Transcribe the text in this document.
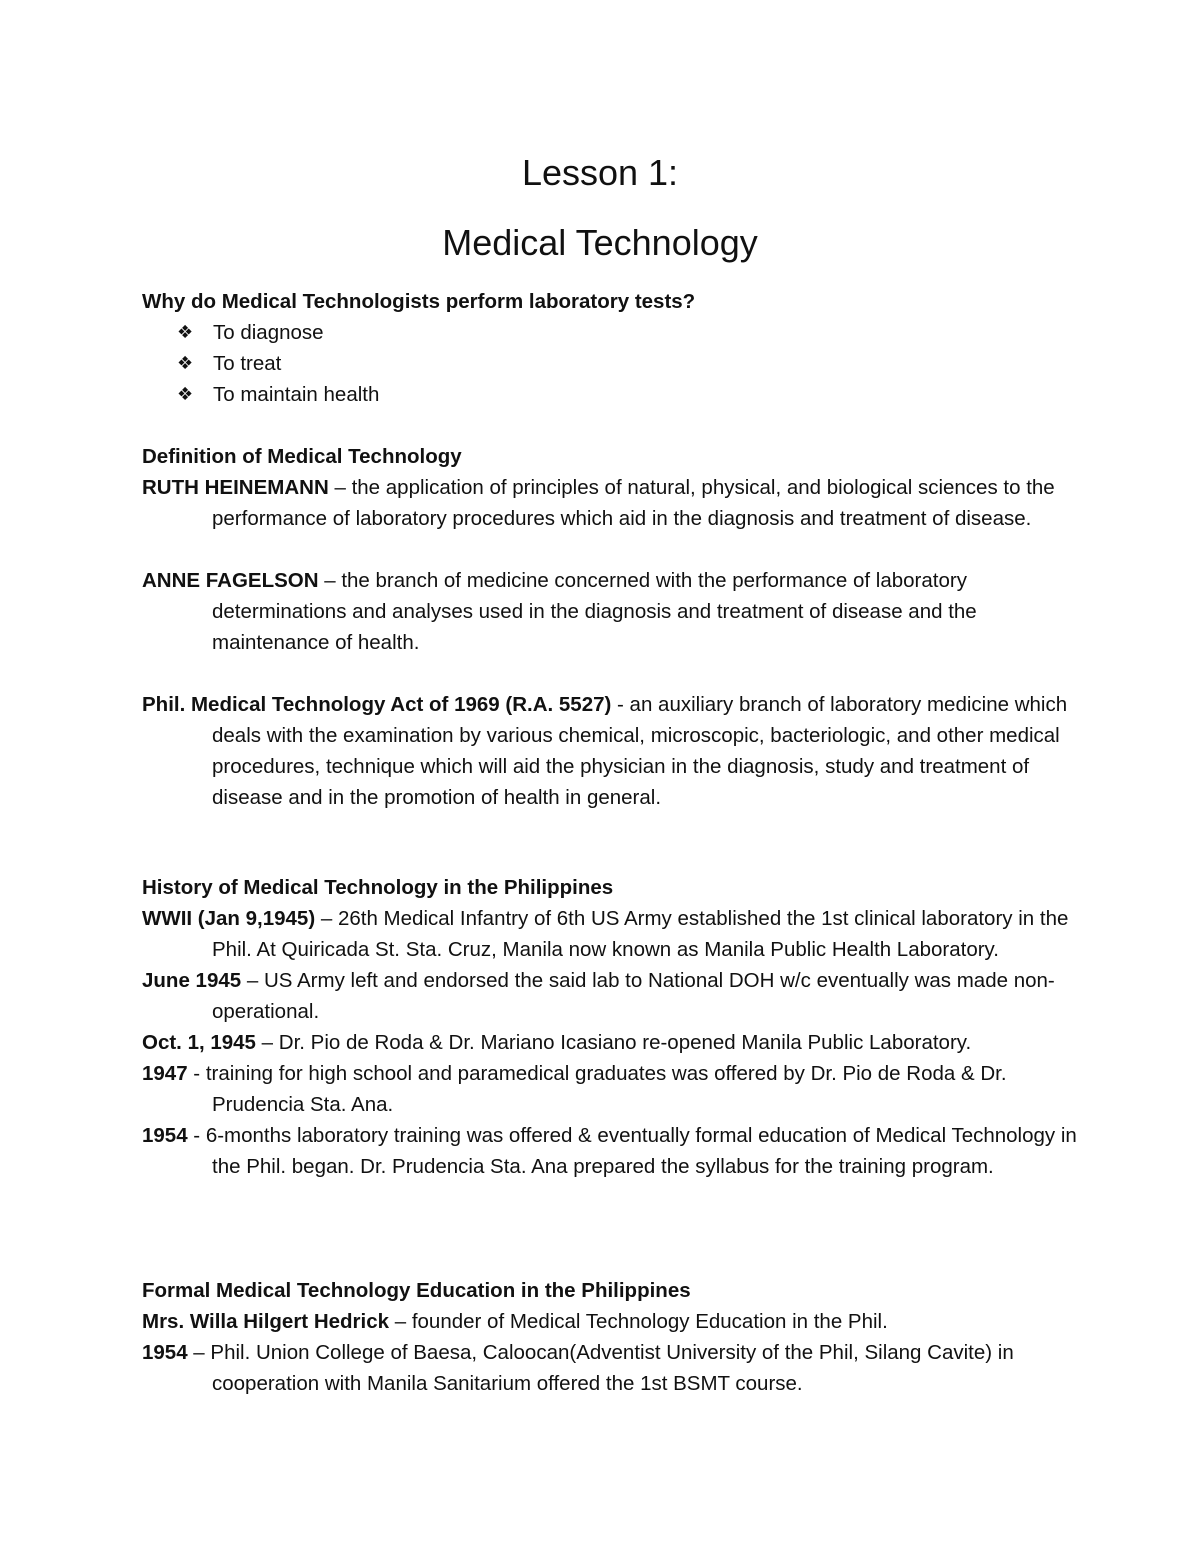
Lesson 1:
Medical Technology
Why do Medical Technologists perform laboratory tests?
❖ To diagnose
❖ To treat
❖ To maintain health
Definition of Medical Technology

RUTH HEINEMANN – the application of principles of natural, physical, and biological sciences to the performance of laboratory procedures which aid in the diagnosis and treatment of disease.

ANNE FAGELSON – the branch of medicine concerned with the performance of laboratory determinations and analyses used in the diagnosis and treatment of disease and the maintenance of health.

Phil. Medical Technology Act of 1969 (R.A. 5527) - an auxiliary branch of laboratory medicine which deals with the examination by various chemical, microscopic, bacteriologic, and other medical procedures, technique which will aid the physician in the diagnosis, study and treatment of disease and in the promotion of health in general.

History of Medical Technology in the Philippines

WWII (Jan 9,1945) – 26th Medical Infantry of 6th US Army established the 1st clinical laboratory in the Phil. At Quiricada St. Sta. Cruz, Manila now known as Manila Public Health Laboratory.

June 1945 – US Army left and endorsed the said lab to National DOH w/c eventually was made non-operational.

Oct. 1, 1945 – Dr. Pio de Roda & Dr. Mariano Icasiano re-opened Manila Public Laboratory.

1947 - training for high school and paramedical graduates was offered by Dr. Pio de Roda & Dr. Prudencia Sta. Ana.

1954 - 6-months laboratory training was offered & eventually formal education of Medical Technology in the Phil. began. Dr. Prudencia Sta. Ana prepared the syllabus for the training program.

Formal Medical Technology Education in the Philippines

Mrs. Willa Hilgert Hedrick – founder of Medical Technology Education in the Phil.

1954 – Phil. Union College of Baesa, Caloocan(Adventist University of the Phil, Silang Cavite) in cooperation with Manila Sanitarium offered the 1st BSMT course.
